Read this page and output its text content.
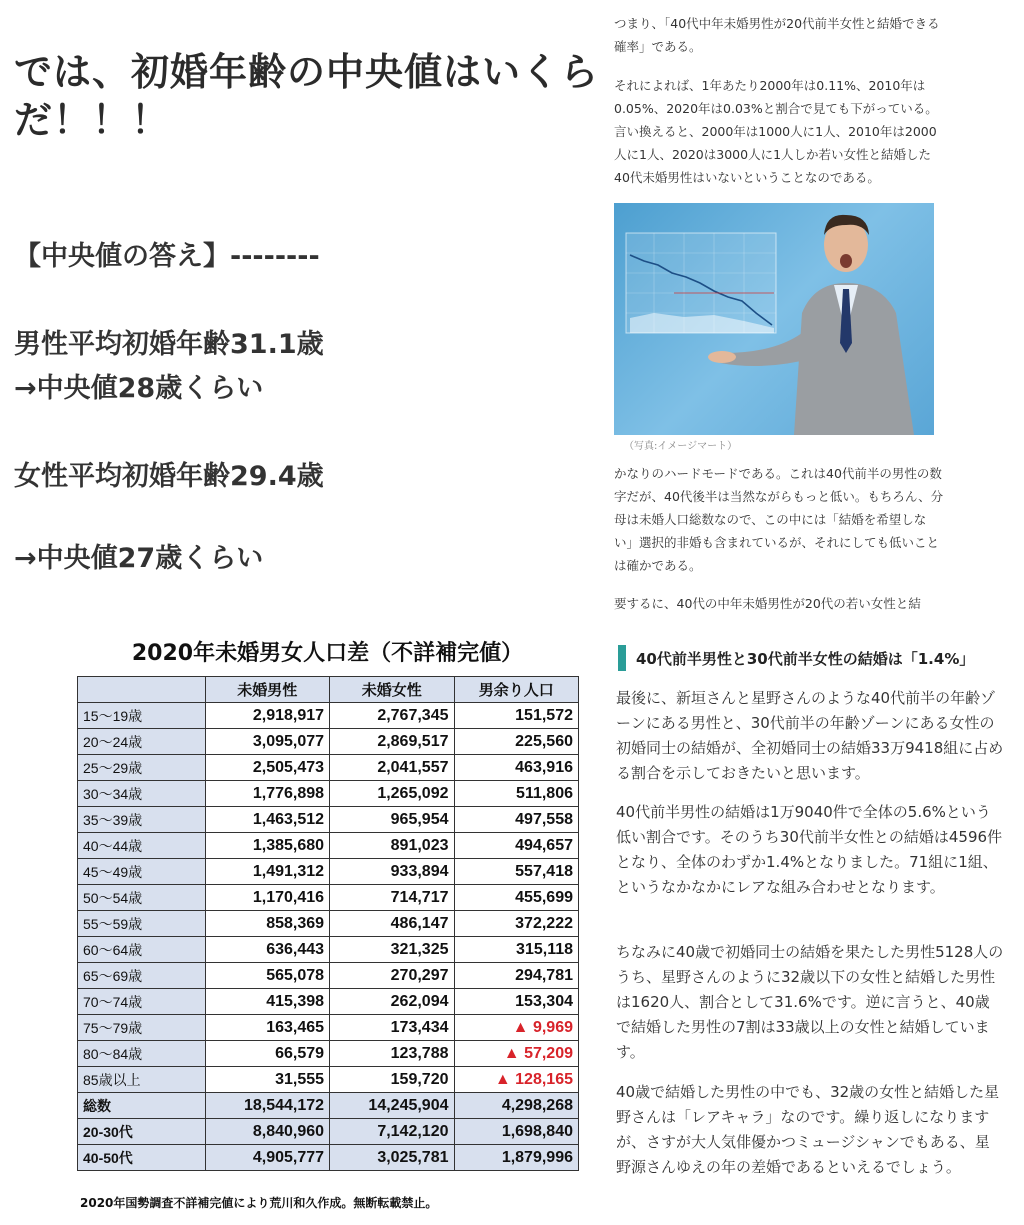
では、初婚年齢の中央値はいくらだ！！！

【中央値の答え】--------

男性平均初婚年齢31.1歳

→中央値28歳くらい

女性平均初婚年齢29.4歳

→中央値27歳くらい

2020年未婚男女人口差（不詳補完値）
	未婚男性	未婚女性	男余り人口
15～19歳	2,918,917	2,767,345	151,572
20～24歳	3,095,077	2,869,517	225,560
25～29歳	2,505,473	2,041,557	463,916
30～34歳	1,776,898	1,265,092	511,806
35～39歳	1,463,512	965,954	497,558
40～44歳	1,385,680	891,023	494,657
45～49歳	1,491,312	933,894	557,418
50～54歳	1,170,416	714,717	455,699
55～59歳	858,369	486,147	372,222
60～64歳	636,443	321,325	315,118
65～69歳	565,078	270,297	294,781
70～74歳	415,398	262,094	153,304
75～79歳	163,465	173,434	▲ 9,969
80～84歳	66,579	123,788	▲ 57,209
85歳以上	31,555	159,720	▲ 128,165
総数	18,544,172	14,245,904	4,298,268
20-30代	8,840,960	7,142,120	1,698,840
40-50代	4,905,777	3,025,781	1,879,996
2020年国勢調査不詳補完値により荒川和久作成。無断転載禁止。

つまり、「40代中年未婚男性が20代前半女性と結婚できる確率」である。

それによれば、1年あたり2000年は0.11%、2010年は0.05%、2020年は0.03%と割合で見ても下がっている。言い換えると、2000年は1000人に1人、2010年は2000人に1人、2020は3000人に1人しか若い女性と結婚した40代未婚男性はいないということなのである。

（写真:イメージマート）

かなりのハードモードである。これは40代前半の男性の数字だが、40代後半は当然ながらもっと低い。もちろん、分母は未婚人口総数なので、この中には「結婚を希望しない」選択的非婚も含まれているが、それにしても低いことは確かである。

要するに、40代の中年未婚男性が20代の若い女性と結

40代前半男性と30代前半女性の結婚は「1.4%」

最後に、新垣さんと星野さんのような40代前半の年齢ゾーンにある男性と、30代前半の年齢ゾーンにある女性の初婚同士の結婚が、全初婚同士の結婚33万9418組に占める割合を示しておきたいと思います。

40代前半男性の結婚は1万9040件で全体の5.6%という低い割合です。そのうち30代前半女性との結婚は4596件となり、全体のわずか1.4%となりました。71組に1組、というなかなかにレアな組み合わせとなります。

ちなみに40歳で初婚同士の結婚を果たした男性5128人のうち、星野さんのように32歳以下の女性と結婚した男性は1620人、割合として31.6%です。逆に言うと、40歳で結婚した男性の7割は33歳以上の女性と結婚しています。

40歳で結婚した男性の中でも、32歳の女性と結婚した星野さんは「レアキャラ」なのです。繰り返しになりますが、さすが大人気俳優かつミュージシャンでもある、星野源さんゆえの年の差婚であるといえるでしょう。
